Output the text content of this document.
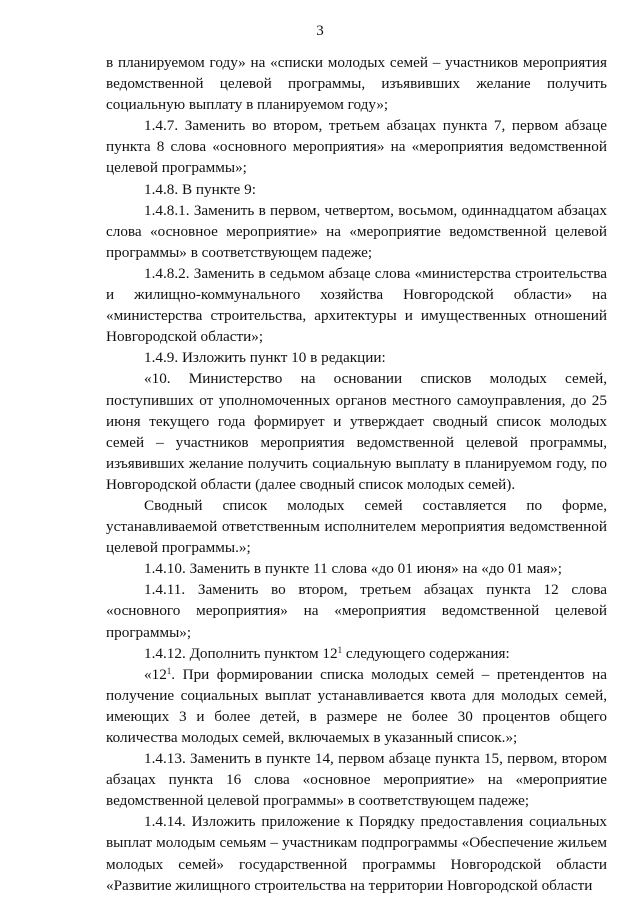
3

в планируемом году» на «списки молодых семей – участников мероприятия ведомственной целевой программы, изъявивших желание получить социальную выплату в планируемом году»;

1.4.7. Заменить во втором, третьем абзацах пункта 7, первом абзаце пункта 8 слова «основного мероприятия» на «мероприятия ведомственной целевой программы»;

1.4.8. В пункте 9:

1.4.8.1. Заменить в первом, четвертом, восьмом, одиннадцатом абзацах слова «основное мероприятие» на «мероприятие ведомственной целевой программы» в соответствующем падеже;

1.4.8.2. Заменить в седьмом абзаце слова «министерства строительства и жилищно-коммунального хозяйства Новгородской области» на «министерства строительства, архитектуры и имущественных отношений Новгородской области»;

1.4.9. Изложить пункт 10 в редакции:

«10. Министерство на основании списков молодых семей, поступивших от уполномоченных органов местного самоуправления, до 25 июня текущего года формирует и утверждает сводный список молодых семей – участников мероприятия ведомственной целевой программы, изъявивших желание получить социальную выплату в планируемом году, по Новгородской области (далее сводный список молодых семей).

Сводный список молодых семей составляется по форме, устанавливаемой ответственным исполнителем мероприятия ведомственной целевой программы.»;

1.4.10. Заменить в пункте 11 слова «до 01 июня» на «до 01 мая»;

1.4.11. Заменить во втором, третьем абзацах пункта 12 слова «основного мероприятия» на «мероприятия ведомственной целевой программы»;

1.4.12. Дополнить пунктом $12^1$ следующего содержания:

«$12^1$. При формировании списка молодых семей – претендентов на получение социальных выплат устанавливается квота для молодых семей, имеющих 3 и более детей, в размере не более 30 процентов общего количества молодых семей, включаемых в указанный список.»;

1.4.13. Заменить в пункте 14, первом абзаце пункта 15, первом, втором абзацах пункта 16 слова «основное мероприятие» на «мероприятие ведомственной целевой программы» в соответствующем падеже;

1.4.14. Изложить приложение к Порядку предоставления социальных выплат молодым семьям – участникам подпрограммы «Обеспечение жильем молодых семей» государственной программы Новгородской области «Развитие жилищного строительства на территории Новгородской области
